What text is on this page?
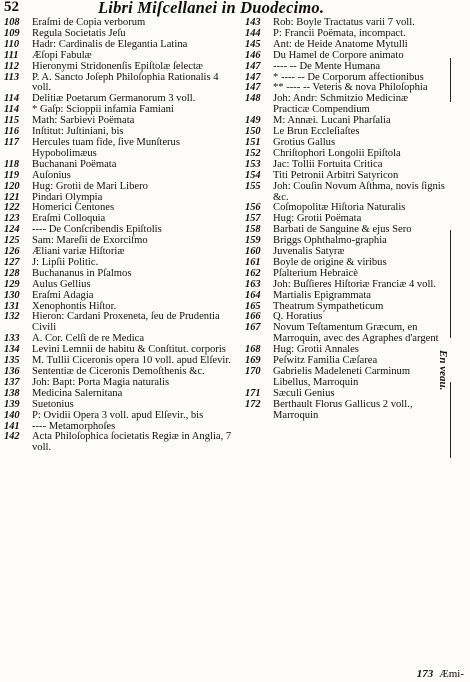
52	Libri Miſcellanei in Duodecimo.
108	Eraſmi de Copia verborum
109	Regula Societatis Jeſu
110	Hadr: Cardinalis de Elegantia Latina
111	Æſopi Fabulæ
112	Hieronymi Stridonenſis Epiſtolæ ſelectæ
113	P. A. Sancto Joſeph Philoſophia Rationalis 4 voll.
114	Delitiæ Poetarum Germanorum 3 voll.
114	* Gaſp: Scioppii infamia Famiani
115	Math: Sarbievi Poëmata
116	Inſtitut: Juſtiniani, bis
117	Hercules tuam fide, ſive Munſterus Hypobolimæus
118	Buchanani Poëmata
119	Auſonius
120	Hug: Grotii de Mari Libero
121	Pindari Olympia
122	Homerici Centones
123	Eraſmi Colloquia
124	---- De Conſcribendis Epiſtolis
125	Sam: Mareſii de Exorciſmo
126	Æliani variæ Hiſtoriæ
127	J: Lipſii Politic.
128	Buchananus in Pſalmos
129	Aulus Gellius
130	Eraſmi Adagia
131	Xenophontis Hiſtor.
132	Hieron: Cardani Proxeneta, ſeu de Prudentia Civili
133	A. Cor. Celſi de re Medica
134	Levini Lemnii de habitu & Conſtitut. corporis
135	M. Tullii Ciceronis opera 10 voll. apud Elſevir.
136	Sententiæ de Ciceronis Demoſthenis &c.
137	Joh: Bapt: Porta Magia naturalis
138	Medicina Salernitana
139	Suetonius
140	P: Ovidii Opera 3 voll. apud Elſevir., bis
141	---- Metamorphoſes
142	Acta Philoſophica ſocietatis Regiæ in Anglia, 7 voll.
143	Rob: Boyle Tractatus varii 7 voll.
144	P: Francii Poëmata, incompact.
145	Ant: de Heide Anatome Mytulli
146	Du Hamel de Corpore animato
147	---- -- De Mente Humana
147	* ---- -- De Corporum affectionibus
147	** ---- -- Veteris & nova Philoſophia
148	Joh: Andr: Schmitzio Medicinæ Practicæ Compendium
149	M: Annæi. Lucani Pharſalia
150	Le Brun Eccleſiaſtes
151	Grotius Gallus
152	Chriſtophori Longolii Epiſtola
153	Jac: Tollii Fortuita Critica
154	Titi Petronii Arbitri Satyricon
155	Joh: Couſin Novum Aſthma, novis ſignis &c.
156	Coſmopolitæ Hiſtoria Naturalis
157	Hug: Grotii Poëmata
158	Barbati de Sanguine & ejus Sero
159	Briggs Ophthalmo-graphia
160	Juvenalis Satyræ
161	Boyle de origine & viribus
162	Pſalterium Hebraicè
163	Joh: Buſſieres Hiſtoriæ Franciæ 4 voll.
164	Martialis Epigrammata
165	Theatrum Sympatheticum
166	Q. Horatius
167	Novum Teſtamentum Græcum, en Marroquin, avec des Agraphes d'argent
168	Hug: Grotii Annales
169	Peſwitz Familia Cæſarea
170	Gabrielis Madeleneti Carminum Libellus, Marroquin
171	Sæculi Genius
172	Berthault Florus Gallicus 2 voll., Marroquin
En veau.
173 Æmi-
